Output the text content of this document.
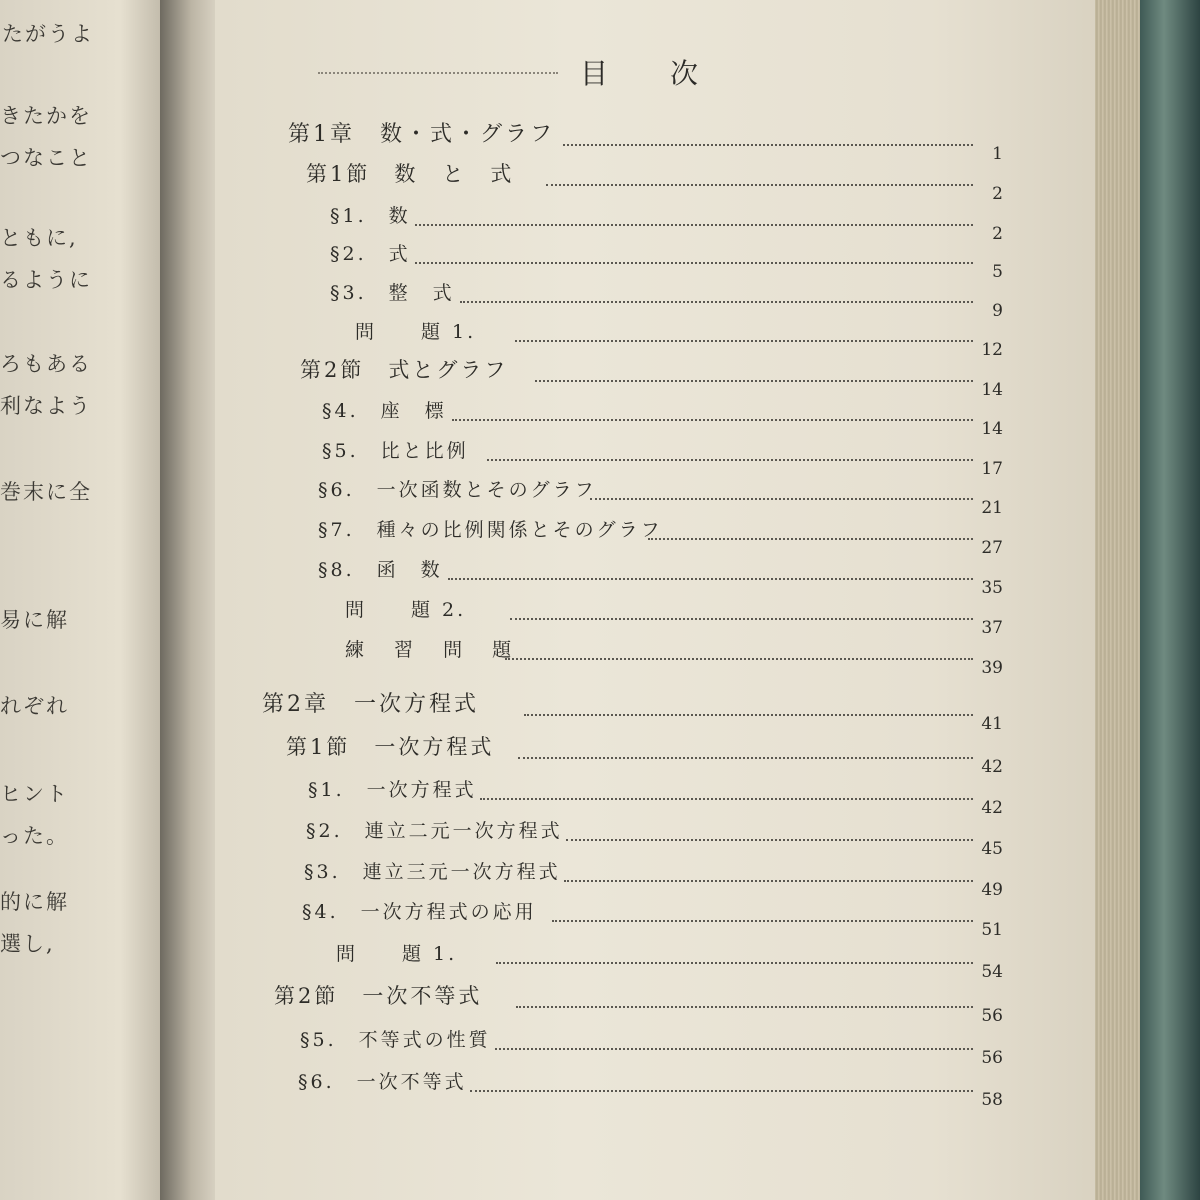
たがうよ
きたかを
つなこと
ともに,
るように
ろもある
利なよう
巻末に全
易に解
れぞれ
ヒント
った。
的に解
選し,
目次
第1章　数・式・グラフ
1
第1節　数　と　式
2
§1.　数
2
§2.　式
5
§3.　整　式
9
問　　題 1.
12
第2節　式とグラフ
14
§4.　座　標
14
§5.　比と比例
17
§6.　一次函数とそのグラフ
21
§7.　種々の比例関係とそのグラフ
27
§8.　函　数
35
問　　題 2.
37
練 習 問 題
39
第2章　一次方程式
41
第1節　一次方程式
42
§1.　一次方程式
42
§2.　連立二元一次方程式
45
§3.　連立三元一次方程式
49
§4.　一次方程式の応用
51
問　　題 1.
54
第2節　一次不等式
56
§5.　不等式の性質
56
§6.　一次不等式
58
